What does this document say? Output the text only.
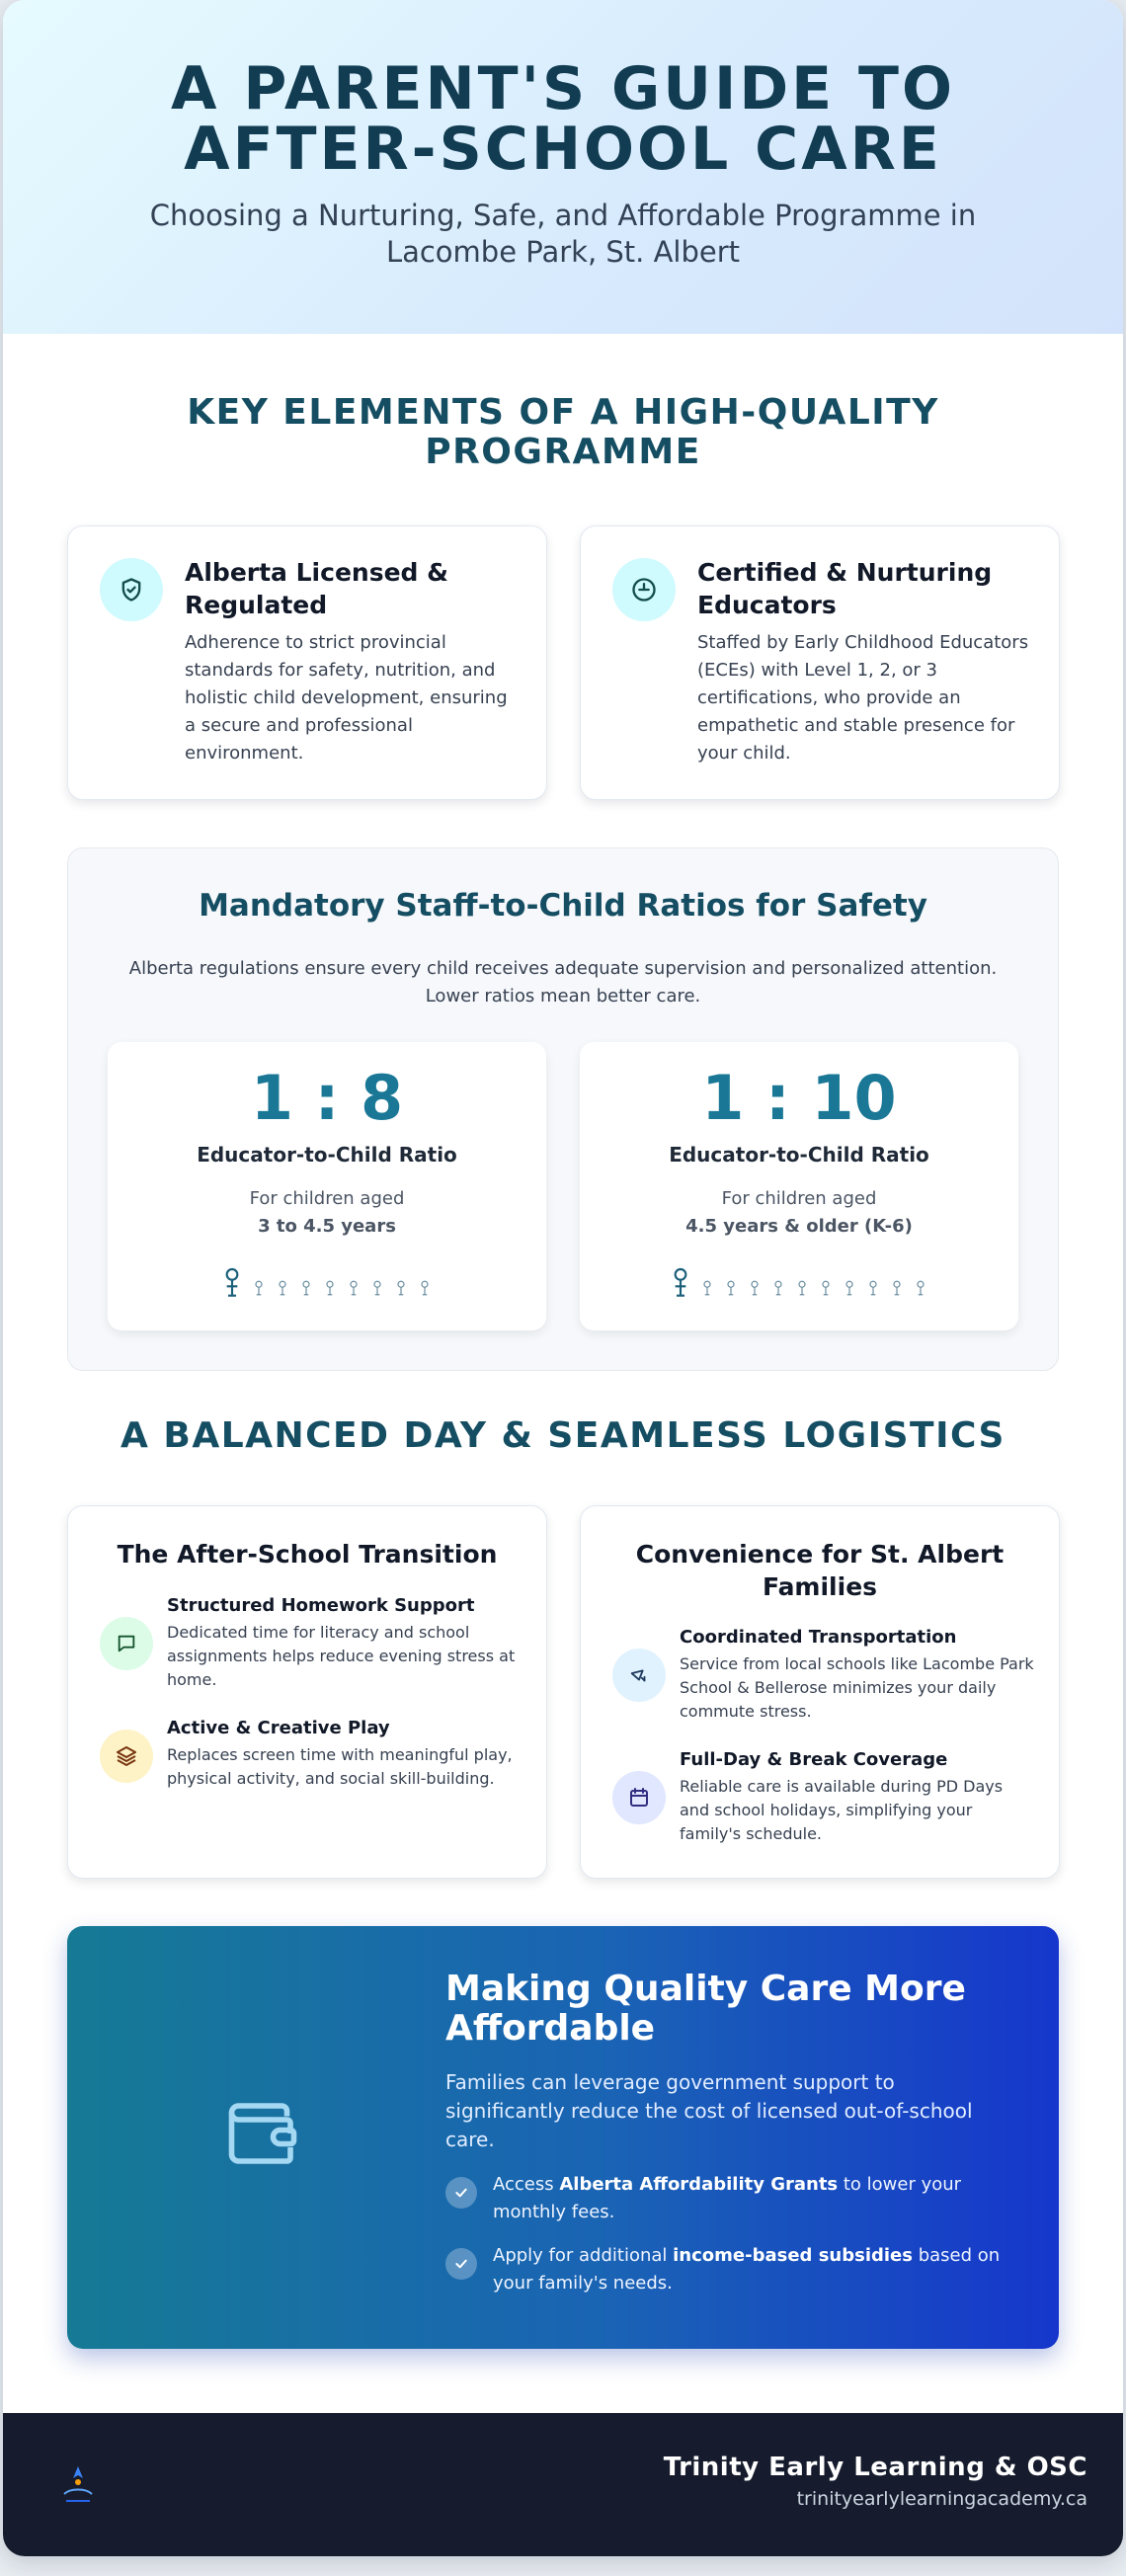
A PARENT'S GUIDE TO AFTER-SCHOOL CARE

Choosing a Nurturing, Safe, and Affordable Programme in Lacombe Park, St. Albert

KEY ELEMENTS OF A HIGH-QUALITY PROGRAMME
Alberta Licensed & Regulated

Adherence to strict provincial standards for safety, nutrition, and holistic child development, ensuring a secure and professional environment.

Certified & Nurturing Educators

Staffed by Early Childhood Educators (ECEs) with Level 1, 2, or 3 certifications, who provide an empathetic and stable presence for your child.

Mandatory Staff-to-Child Ratios for Safety

Alberta regulations ensure every child receives adequate supervision and personalized attention. Lower ratios mean better care.

1 : 8
Educator-to-Child Ratio
For children aged
3 to 4.5 years
1 : 10
Educator-to-Child Ratio
For children aged
4.5 years & older (K-6)
A BALANCED DAY & SEAMLESS LOGISTICS
The After-School Transition
Structured Homework Support
Dedicated time for literacy and school assignments helps reduce evening stress at home.
Active & Creative Play
Replaces screen time with meaningful play, physical activity, and social skill-building.
Convenience for St. Albert Families
Coordinated Transportation
Service from local schools like Lacombe Park School & Bellerose minimizes your daily commute stress.
Full-Day & Break Coverage
Reliable care is available during PD Days and school holidays, simplifying your family's schedule.
Making Quality Care More Affordable

Families can leverage government support to significantly reduce the cost of licensed out-of-school care.

Access Alberta Affordability Grants to lower your monthly fees.

Apply for additional income-based subsidies based on your family's needs.

Trinity Early Learning & OSC
trinityearlylearningacademy.ca
